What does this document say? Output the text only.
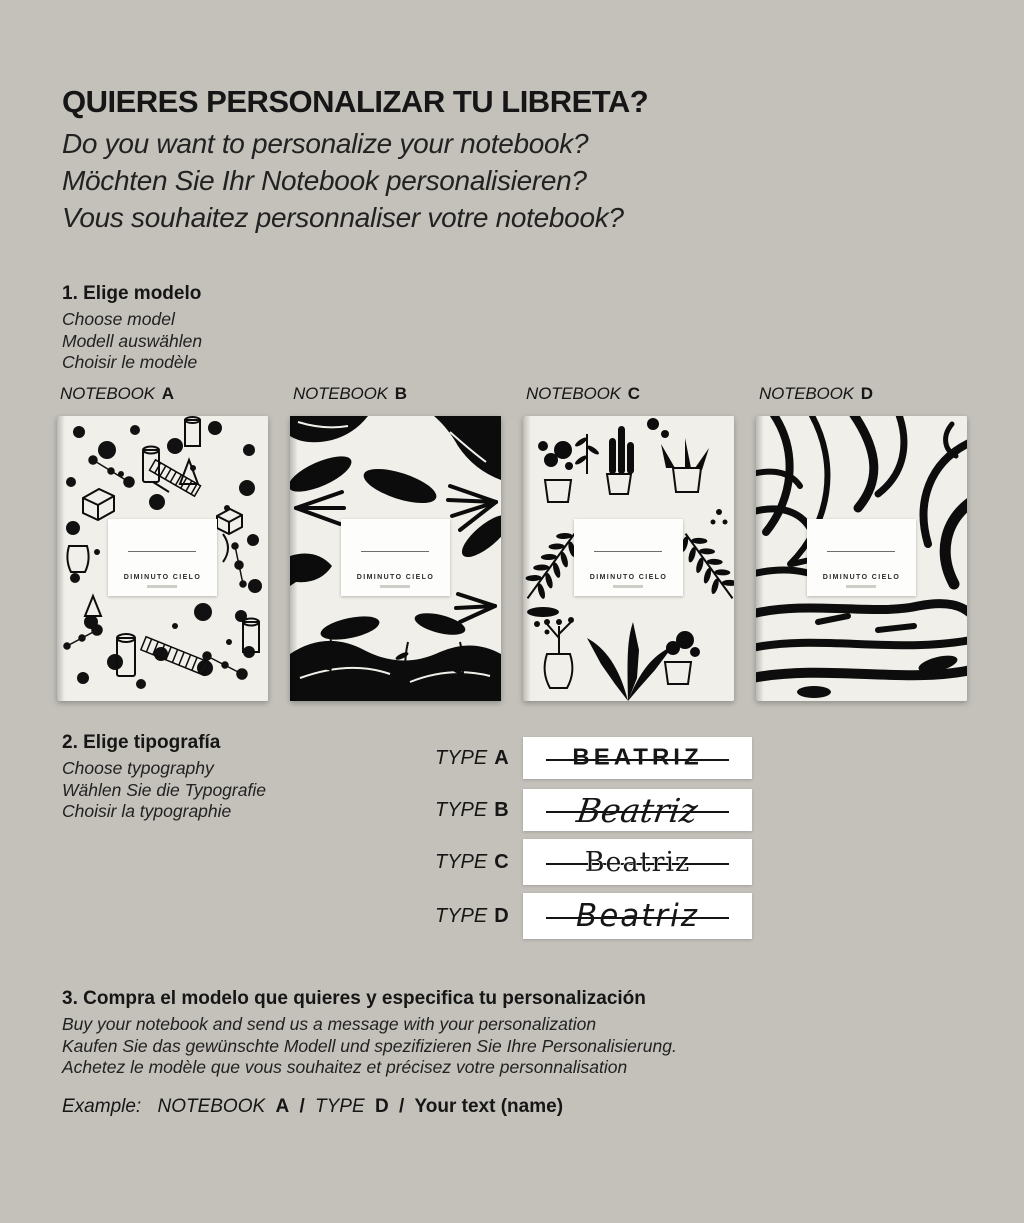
QUIERES PERSONALIZAR TU LIBRETA?

Do you want to personalize your notebook?

Möchten Sie Ihr Notebook personalisieren?

Vous souhaitez personnaliser votre notebook?

1. Elige modelo

Choose model

Modell auswählen

Choisir le modèle

NOTEBOOK A
DIMINUTO CIELO
NOTEBOOK B
DIMINUTO CIELO
NOTEBOOK C
DIMINUTO CIELO
NOTEBOOK D
DIMINUTO CIELO
2. Elige tipografía

Choose typography

Wählen Sie die Typografie

Choisir la typographie

TYPE A	BEATRIZ
TYPE B Beatriz
TYPE C	Beatriz
TYPE D Beatriz
3. Compra el modelo que quieres y especifica tu personalización

Buy your notebook and send us a message with your personalization

Kaufen Sie das gewünschte Modell und spezifizieren Sie Ihre Personalisierung.

Achetez le modèle que vous souhaitez et précisez votre personnalisation

Example: NOTEBOOK A / TYPE D / Your text (name)
